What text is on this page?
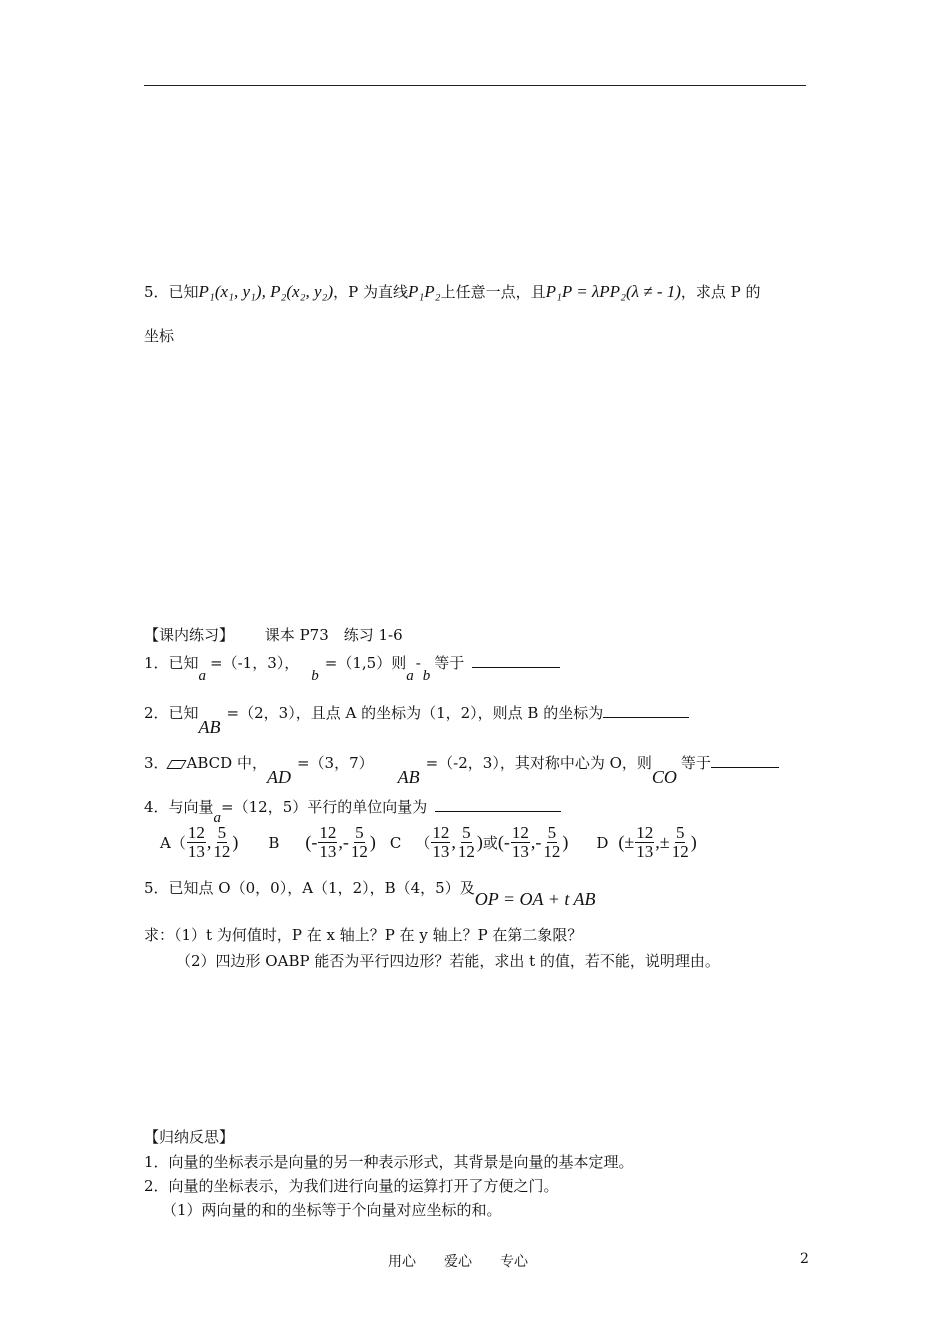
5．已知P₁(x₁, y₁), P₂(x₂, y₂)，P 为直线P₁P₂上任意一点，且P₁P = λPP₂(λ ≠ - 1)，求点 P 的
坐标
【课内练习】 课本 P73　练习 1-6
1．已知a=（-1，3），b=（1,5）则a-b等于
2．已知AB=（2，3），且点 A 的坐标为（1，2），则点 B 的坐标为
3． ABCD 中，AD=（3，7）AB=（-2，3），其对称中心为 O，则CO等于
4．与向量a=（12，5）平行的单位向量为
$A( \frac{12}{13}$ , $\frac{5}{12}$ ) B (- $\frac{12}{13}$ ,- $\frac{5}{12}$ ) C （ $\frac{12}{13}$ , $\frac{5}{12}$ ) 或 (- $\frac{12}{13}$ ,- $\frac{5}{12}$ ) D (± $\frac{12}{13}$ ,± $\frac{5}{12}$ )
5．已知点 O（0，0），A（1，2），B（4，5）及OP = OA + t AB
求：（1）t 为何值时，P 在 x 轴上？P 在 y 轴上？P 在第二象限？
（2）四边形 OABP 能否为平行四边形？若能，求出 t 的值，若不能，说明理由。
【归纳反思】
1．向量的坐标表示是向量的另一种表示形式，其背景是向量的基本定理。
2．向量的坐标表示，为我们进行向量的运算打开了方便之门。
（1）两向量的和的坐标等于个向量对应坐标的和。
用心　　爱心　　专心	2
